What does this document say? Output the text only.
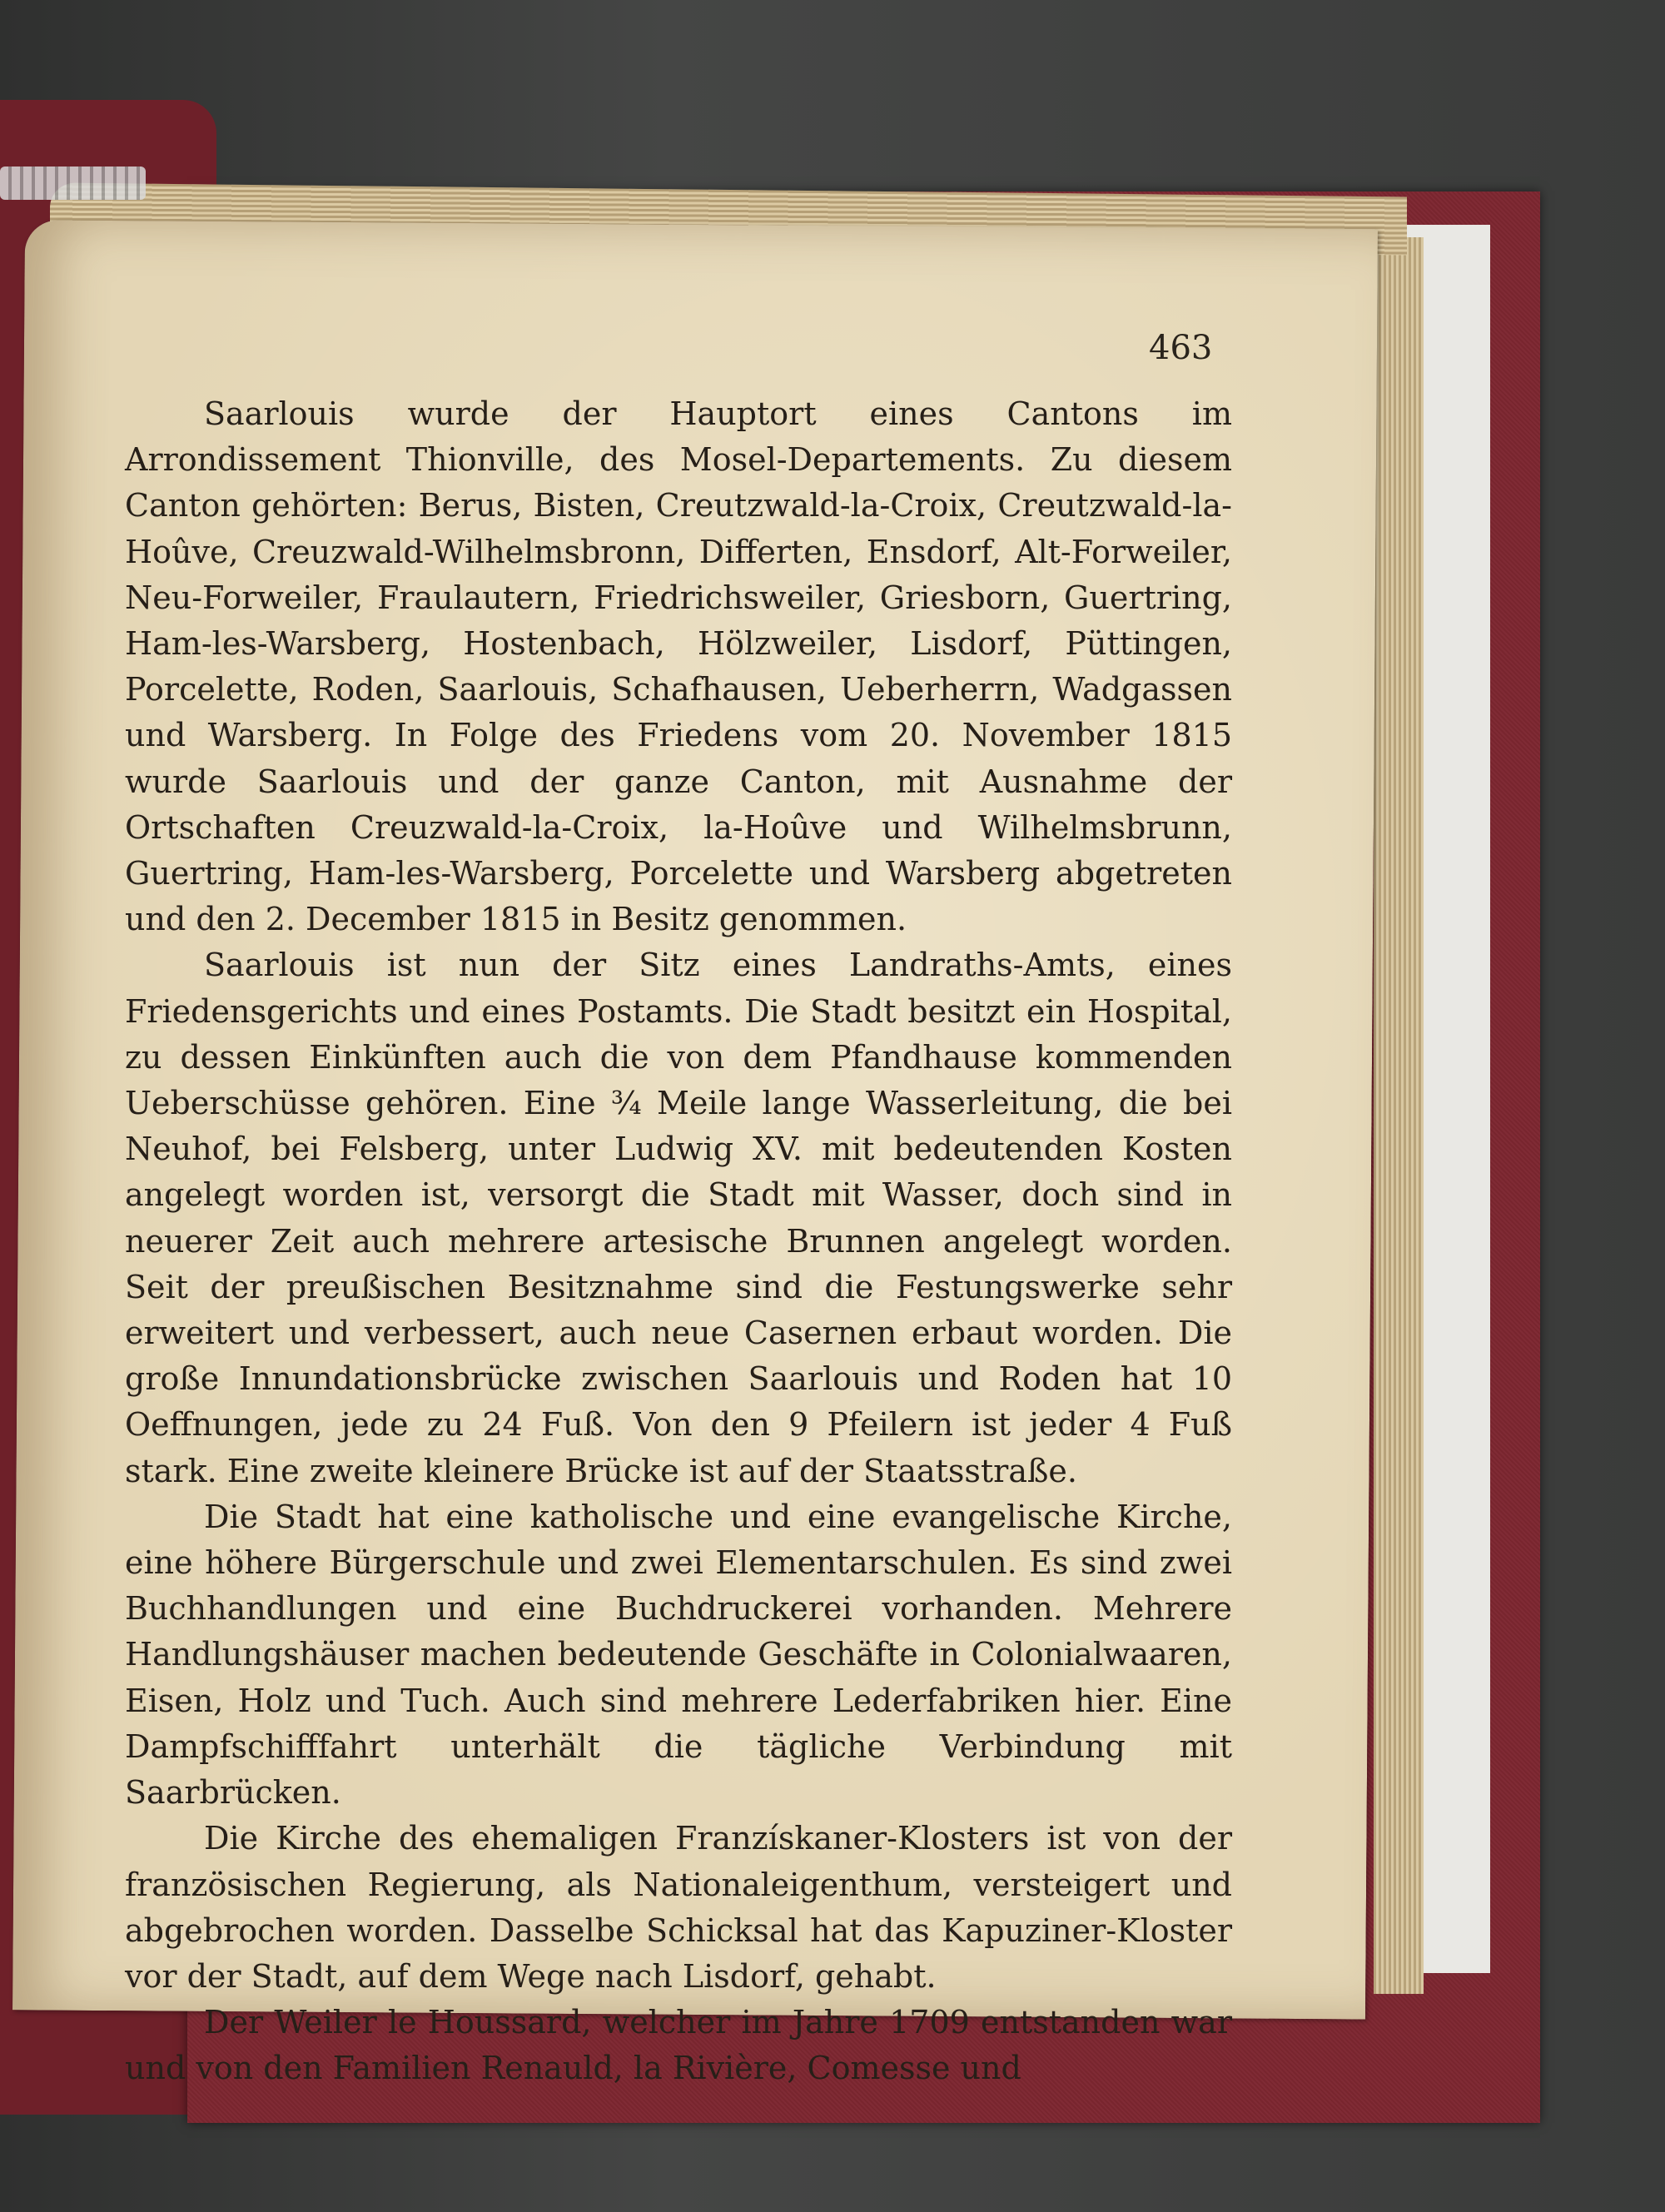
463

Saarlouis wurde der Hauptort eines Cantons im Arrondissement Thionville, des Mosel-Departements. Zu diesem Canton gehörten: Berus, Bisten, Creutzwald-la-Croix, Creutzwald-la-Hoûve, Creuzwald-Wilhelmsbronn, Differten, Ensdorf, Alt-Forweiler, Neu-Forweiler, Fraulautern, Friedrichsweiler, Griesborn, Guertring, Ham-les-Warsberg, Hostenbach, Hölzweiler, Lisdorf, Püttingen, Porcelette, Roden, Saarlouis, Schafhausen, Ueberherrn, Wadgassen und Warsberg. In Folge des Friedens vom 20. November 1815 wurde Saarlouis und der ganze Canton, mit Ausnahme der Ortschaften Creuzwald-la-Croix, la-Hoûve und Wilhelmsbrunn, Guertring, Ham-les-Warsberg, Porcelette und Warsberg abgetreten und den 2. December 1815 in Besitz genommen.

Saarlouis ist nun der Sitz eines Landraths-Amts, eines Friedensgerichts und eines Postamts. Die Stadt besitzt ein Hospital, zu dessen Einkünften auch die von dem Pfandhause kommenden Ueberschüsse gehören. Eine ¾ Meile lange Wasserleitung, die bei Neuhof, bei Felsberg, unter Ludwig XV. mit bedeutenden Kosten angelegt worden ist, versorgt die Stadt mit Wasser, doch sind in neuerer Zeit auch mehrere artesische Brunnen angelegt worden. Seit der preußischen Besitznahme sind die Festungswerke sehr erweitert und verbessert, auch neue Casernen erbaut worden. Die große Innundationsbrücke zwischen Saarlouis und Roden hat 10 Oeffnungen, jede zu 24 Fuß. Von den 9 Pfeilern ist jeder 4 Fuß stark. Eine zweite kleinere Brücke ist auf der Staatsstraße.

Die Stadt hat eine katholische und eine evangelische Kirche, eine höhere Bürgerschule und zwei Elementarschulen. Es sind zwei Buchhandlungen und eine Buchdruckerei vorhanden. Mehrere Handlungshäuser machen bedeutende Geschäfte in Colonialwaaren, Eisen, Holz und Tuch. Auch sind mehrere Lederfabriken hier. Eine Dampfschifffahrt unterhält die tägliche Verbindung mit Saarbrücken.

Die Kirche des ehemaligen Franzískaner-Klosters ist von der französischen Regierung, als Nationaleigenthum, versteigert und abgebrochen worden. Dasselbe Schicksal hat das Kapuziner-Kloster vor der Stadt, auf dem Wege nach Lisdorf, gehabt.

Der Weiler le Houssard, welcher im Jahre 1709 entstanden war und von den Familien Renauld, la Rivière, Comesse und
